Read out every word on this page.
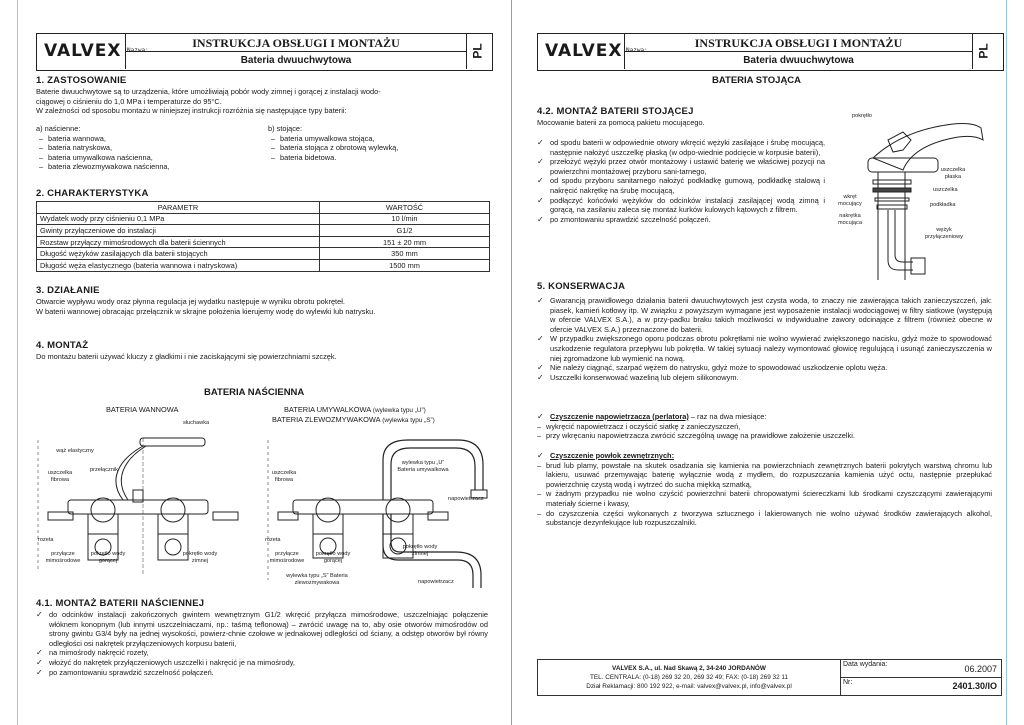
VALVEX Nazwa:
INSTRUKCJA OBSŁUGI I MONTAŻU
Bateria dwuuchwytowa
PL
1. ZASTOSOWANIE
Baterie dwuuchwytowe są to urządzenia, które umożliwiają pobór wody zimnej i gorącej z instalacji wodo-
ciągowej o ciśnieniu do 1,0 MPa i temperaturze do 95°C.
W zależności od sposobu montażu w niniejszej instrukcji rozróżnia się następujące typy baterii:
a) naścienne:
– bateria wannowa,
– bateria natryskowa,
– bateria umywalkowa naścienna,
– bateria zlewozmywakowa naścienna,
b) stojące:
– bateria umywalkowa stojąca,
– bateria stojąca z obrotową wylewką,
– bateria bidetowa.
2. CHARAKTERYSTYKA
PARAMETR	WARTOŚĆ
Wydatek wody przy ciśnieniu 0,1 MPa	10 l/min
Gwinty przyłączeniowe do instalacji	G1/2
Rozstaw przyłączy mimośrodowych dla baterii ściennych	151 ± 20 mm
Długość wężyków zasilających dla baterii stojących	350 mm
Długość węża elastycznego (bateria wannowa i natryskowa)	1500 mm
3. DZIAŁANIE
Otwarcie wypływu wody oraz płynna regulacja jej wydatku następuje w wyniku obrotu pokręteł.
W baterii wannowej obracając przełącznik w skrajne położenia kierujemy wodę do wylewki lub natrysku.
4. MONTAŻ
Do montażu baterii używać kluczy z gładkimi i nie zaciskającymi się powierzchniami szczęk.
BATERIA NAŚCIENNA
BATERIA WANNOWA	BATERIA UMYWALKOWA (wylewka typu „U”)
BATERIA ZLEWOZMYWAKOWA (wylewka typu „S”)
słuchawka
wąż elastyczny
przełącznik
uszczelka fibrowa
rozeta
przyłącze mimośrodowe
pokrętło wody gorącej
pokrętło wody zimnej
wylewka typu „U” Bateria umywalkowa
napowietrzacz
uszczelka fibrowa
rozeta
przyłącze mimośrodowe
pokrętło wody gorącej
pokrętło wody zimnej
wylewka typu „S” Bateria zlewozmywakowa	napowietrzacz
4.1. MONTAŻ BATERII NAŚCIENNEJ
✓ do odcinków instalacji zakończonych gwintem wewnętrznym G1/2 wkręcić przyłącza mimośrodowe, uszczelniając połączenie włóknem konopnym (lub innymi uszczelniaczami, np.: taśmą teflonową) – zwrócić uwagę na to, aby osie otworów mimośrodów od strony gwintu G3/4 były na jednej wysokości, powierz-chnie czołowe w jednakowej odległości od ściany, a odstęp otworów był równy odległości osi nakrętek przyłączeniowych korpusu baterii,
✓ na mimośrody nakręcić rozety,
✓ włożyć do nakrętek przyłączeniowych uszczelki i nakręcić je na mimośrody,
✓ po zamontowaniu sprawdzić szczelność połączeń.
VALVEX Nazwa:
INSTRUKCJA OBSŁUGI I MONTAŻU
Bateria dwuuchwytowa
PL
BATERIA STOJĄCA
4.2. MONTAŻ BATERII STOJĄCEJ
Mocowanie baterii za pomocą pakietu mocującego.
✓ od spodu baterii w odpowiednie otwory wkręcić wężyki zasilające i śrubę mocującą, następnie nałożyć uszczelkę płaską (w odpo-wiednie podcięcie w korpusie baterii),
✓ przełożyć wężyki przez otwór montażowy i ustawić baterię we właściwej pozycji na powierzchni montażowej przyboru sani-tarnego,
✓ od spodu przyboru sanitarnego nałożyć podkładkę gumową, podkładkę stalową i nakręcić nakrętkę na śrubę mocującą,
✓ podłączyć końcówki wężyków do odcinków instalacji zasilającej wodą zimną i gorącą, na zasilaniu zaleca się montaż kurków kulowych kątowych z filtrem.
✓ po zmontowaniu sprawdzić szczelność połączeń.
pokrętło
uszczelka płaska
uszczelka
wkręt mocujący	podkładka
nakrętka mocująca
wężyk przyłączeniowy
5. KONSERWACJA
✓ Gwarancją prawidłowego działania baterii dwuuchwytowych jest czysta woda, to znaczy nie zawierająca takich zanieczyszczeń, jak: piasek, kamień kotłowy itp. W związku z powyższym wymagane jest wyposażenie instalacji wodociągowej w filtry siatkowe (występują w ofercie VALVEX S.A.), a w przy-padku braku takich możliwości w indywidualne zawory odcinające z filtrem (również obecne w ofercie VALVEX S.A.) przeznaczone do baterii.
✓ W przypadku zwiększonego oporu podczas obrotu pokrętłami nie wolno wywierać zwiększonego nacisku, gdyż może to spowodować uszkodzenie regulatora przepływu lub pokrętła. W takiej sytuacji należy wymontować głowicę regulującą i usunąć zanieczyszczenia w niej zgromadzone lub wymienić na nową.
✓ Nie należy ciągnąć, szarpać wężem do natrysku, gdyż może to spowodować uszkodzenie oplotu węża.
✓ Uszczelki konserwować wazeliną lub olejem silikonowym.
✓ Czyszczenie napowietrzacza (perlatora) – raz na dwa miesiące:
– wykręcić napowietrzacz i oczyścić siatkę z zanieczyszczeń,
– przy wkręcaniu napowietrzacza zwrócić szczególną uwagę na prawidłowe założenie uszczelki.
✓ Czyszczenie powłok zewnętrznych:
– brud lub plamy, powstałe na skutek osadzania się kamienia na powierzchniach zewnętrznych baterii pokrytych warstwą chromu lub lakieru, usuwać przemywając baterię wyłącznie wodą z mydłem, do rozpuszczania kamienia użyć octu, następnie przepłukać powierzchnię czystą wodą i wytrzeć do sucha miękką szmatką,
– w żadnym przypadku nie wolno czyścić powierzchni baterii chropowatymi ściereczkami lub środkami czyszczącymi zawierającymi materiały ścierne i kwasy,
– do czyszczenia części wykonanych z tworzywa sztucznego i lakierowanych nie wolno używać środków zawierających alkohol, substancje dezynfekujące lub rozpuszczalniki.
VALVEX S.A., ul. Nad Skawą 2, 34-240 JORDANÓW
TEL. CENTRALA: (0-18) 269 32 20, 269 32 49; FAX: (0-18) 269 32 11
Dział Reklamacji: 800 192 922, e-mail: valvex@valvex.pl, info@valvex.pl

Data wydania:	06.2007

Nr:	2401.30/IO
